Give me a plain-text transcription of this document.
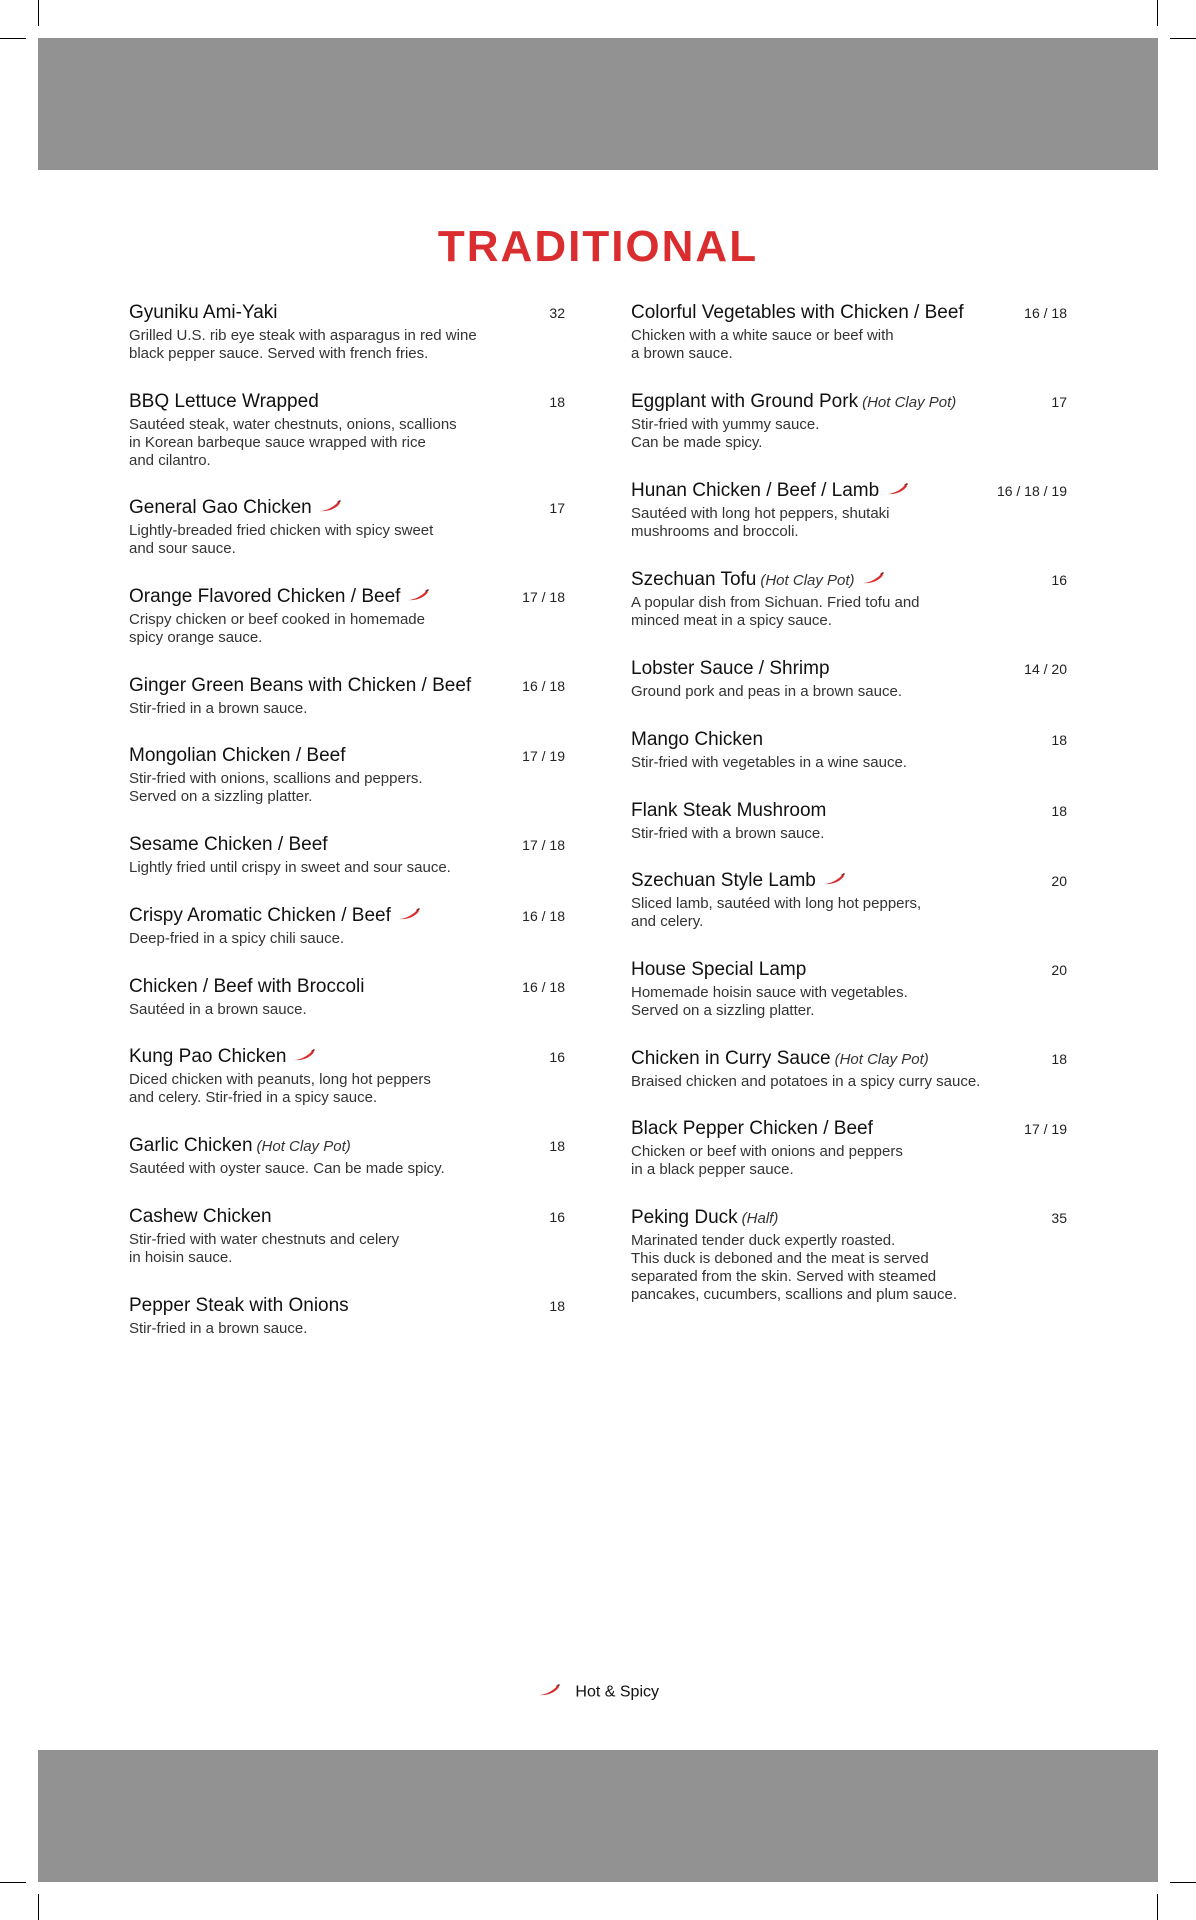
TRADITIONAL
Gyuniku Ami-Yaki	32
Grilled U.S. rib eye steak with asparagus in red wine
black pepper sauce. Served with french fries.
BBQ Lettuce Wrapped	18
Sautéed steak, water chestnuts, onions, scallions
in Korean barbeque sauce wrapped with rice
and cilantro.
General Gao Chicken	17
Lightly-breaded fried chicken with spicy sweet
and sour sauce.
Orange Flavored Chicken / Beef	17 / 18
Crispy chicken or beef cooked in homemade
spicy orange sauce.
Ginger Green Beans with Chicken / Beef	16 / 18
Stir-fried in a brown sauce.
Mongolian Chicken / Beef	17 / 19
Stir-fried with onions, scallions and peppers.
Served on a sizzling platter.
Sesame Chicken / Beef	17 / 18
Lightly fried until crispy in sweet and sour sauce.
Crispy Aromatic Chicken / Beef	16 / 18
Deep-fried in a spicy chili sauce.
Chicken / Beef with Broccoli	16 / 18
Sautéed in a brown sauce.
Kung Pao Chicken	16
Diced chicken with peanuts, long hot peppers
and celery. Stir-fried in a spicy sauce.
Garlic Chicken (Hot Clay Pot)	18
Sautéed with oyster sauce. Can be made spicy.
Cashew Chicken	16
Stir-fried with water chestnuts and celery
in hoisin sauce.
Pepper Steak with Onions	18
Stir-fried in a brown sauce.
Colorful Vegetables with Chicken / Beef	16 / 18
Chicken with a white sauce or beef with
a brown sauce.
Eggplant with Ground Pork (Hot Clay Pot)	17
Stir-fried with yummy sauce.
Can be made spicy.
Hunan Chicken / Beef / Lamb	16 / 18 / 19
Sautéed with long hot peppers, shutaki
mushrooms and broccoli.
Szechuan Tofu (Hot Clay Pot)	16
A popular dish from Sichuan. Fried tofu and
minced meat in a spicy sauce.
Lobster Sauce / Shrimp	14 / 20
Ground pork and peas in a brown sauce.
Mango Chicken	18
Stir-fried with vegetables in a wine sauce.
Flank Steak Mushroom	18
Stir-fried with a brown sauce.
Szechuan Style Lamb	20
Sliced lamb, sautéed with long hot peppers,
and celery.
House Special Lamp	20
Homemade hoisin sauce with vegetables.
Served on a sizzling platter.
Chicken in Curry Sauce (Hot Clay Pot)	18
Braised chicken and potatoes in a spicy curry sauce.
Black Pepper Chicken / Beef	17 / 19
Chicken or beef with onions and peppers
in a black pepper sauce.
Peking Duck (Half)	35
Marinated tender duck expertly roasted.
This duck is deboned and the meat is served
separated from the skin. Served with steamed
pancakes, cucumbers, scallions and plum sauce.
Hot & Spicy
